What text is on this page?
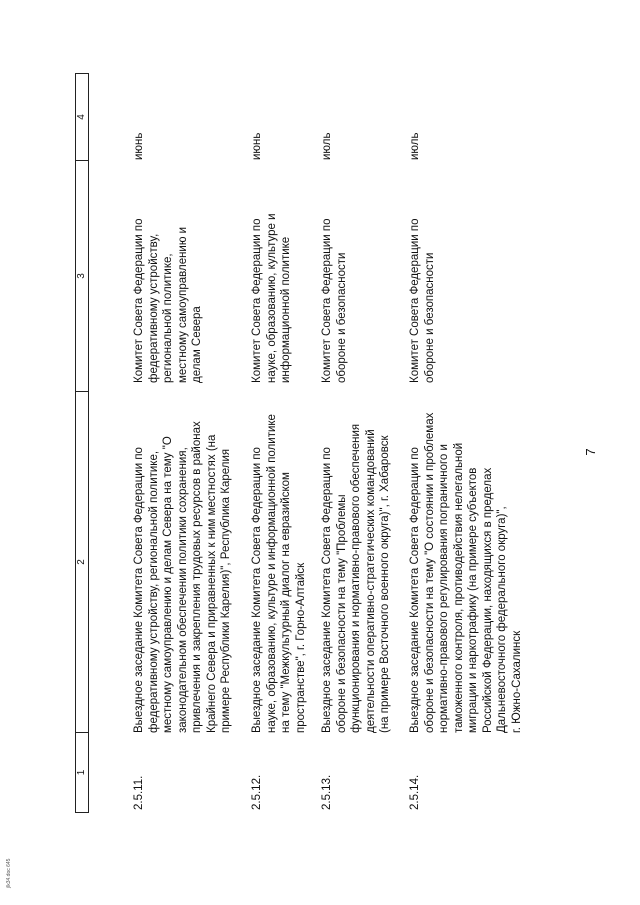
7
1
2
3
4
2.5.11.
Выездное заседание Комитета Совета Федерации по
федеративному устройству, региональной политике,
местному самоуправлению и делам Севера на тему "О
законодательном обеспечении политики сохранения,
привлечения и закрепления трудовых ресурсов в районах
Крайнего Севера и приравненных к ним местностях (на
примере Республики Карелия)", Республика Карелия
Комитет Совета Федерации по
федеративному устройству,
региональной политике,
местному самоуправлению и
делам Севера
июнь
2.5.12.
Выездное заседание Комитета Совета Федерации по
науке, образованию, культуре и информационной политике
на тему "Межкультурный диалог на евразийском
пространстве", г. Горно-Алтайск
Комитет Совета Федерации по
науке, образованию, культуре и
информационной политике
июнь
2.5.13.
Выездное заседание Комитета Совета Федерации по
обороне и безопасности на тему "Проблемы
функционирования и нормативно-правового обеспечения
деятельности оперативно-стратегических командований
(на примере Восточного военного округа)", г. Хабаровск
Комитет Совета Федерации по
обороне и безопасности
июль
2.5.14.
Выездное заседание Комитета Совета Федерации по
обороне и безопасности на тему "О состоянии и проблемах
нормативно-правового регулирования пограничного и
таможенного контроля, противодействия нелегальной
миграции и наркотрафику (на примере субъектов
Российской Федерации, находящихся в пределах
Дальневосточного федерального округа)",
г. Южно-Сахалинск
Комитет Совета Федерации по
обороне и безопасности
июль
jlk34.doc 645
